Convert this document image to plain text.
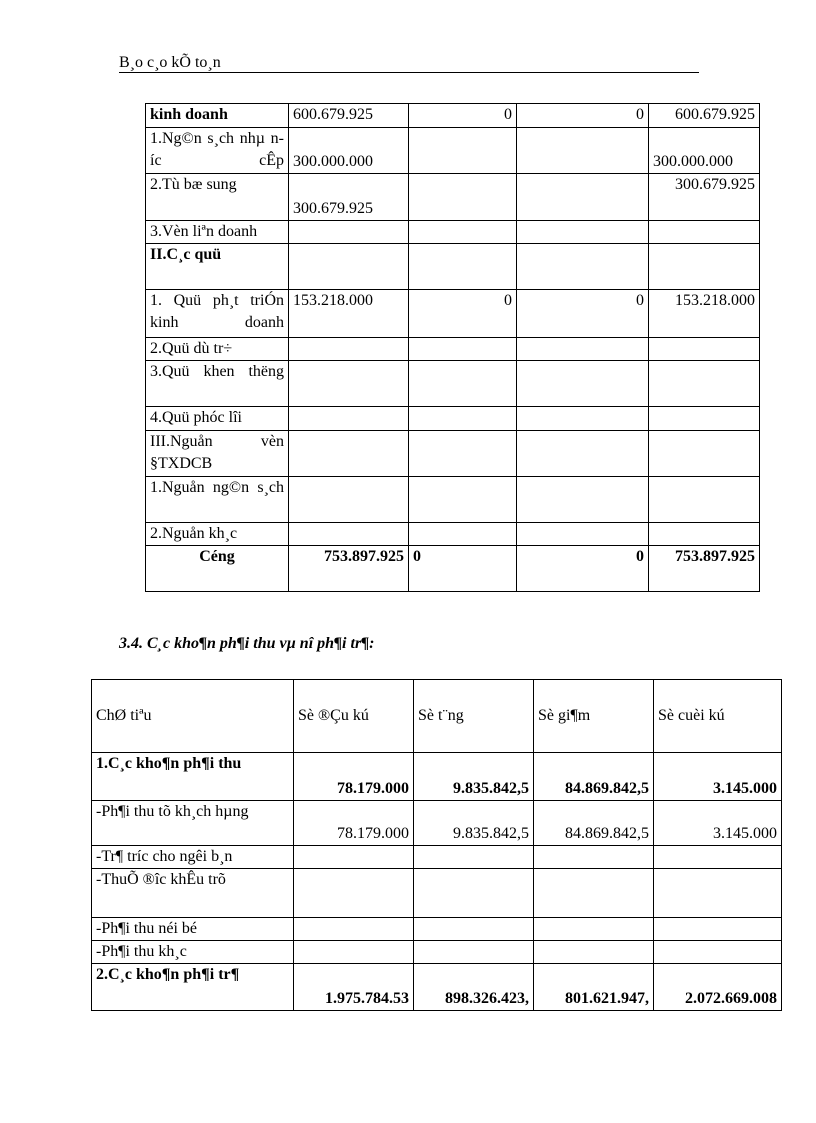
B¸o c¸o kÕ to¸n
kinh doanh	600.679.925	0	0	600.679.925
1.Ng©n s¸ch nhµ níc cÊp	300.000.000			300.000.000
2.Tù bæ sung	300.679.925			300.679.925
3.Vèn liªn doanh				
II.C¸c quü				
1. Quü ph¸t triÓn kinh doanh	153.218.000	0	0	153.218.000
2.Quü dù tr÷				
3.Quü khen thëng				
4.Quü phóc lîi				
III.Nguån vèn §TXDCB				
1.Nguån ng©n s¸ch				
2.Nguån kh¸c				
Céng	753.897.925	0	0	753.897.925
3.4. C¸c kho¶n ph¶i thu vµ nî ph¶i tr¶:
ChØ tiªu	Sè ®Çu kú	Sè t¨ng	Sè gi¶m	Sè cuèi kú
1.C¸c kho¶n ph¶i thu	78.179.000	9.835.842,5	84.869.842,5	3.145.000
-Ph¶i thu tõ kh¸ch hµng	78.179.000	9.835.842,5	84.869.842,5	3.145.000
-Tr¶ tríc cho ngêi b¸n				
-ThuÕ ®îc khÊu trõ				
-Ph¶i thu néi bé				
-Ph¶i thu kh¸c				
2.C¸c kho¶n ph¶i tr¶	1.975.784.53	898.326.423,	801.621.947,	2.072.669.008
